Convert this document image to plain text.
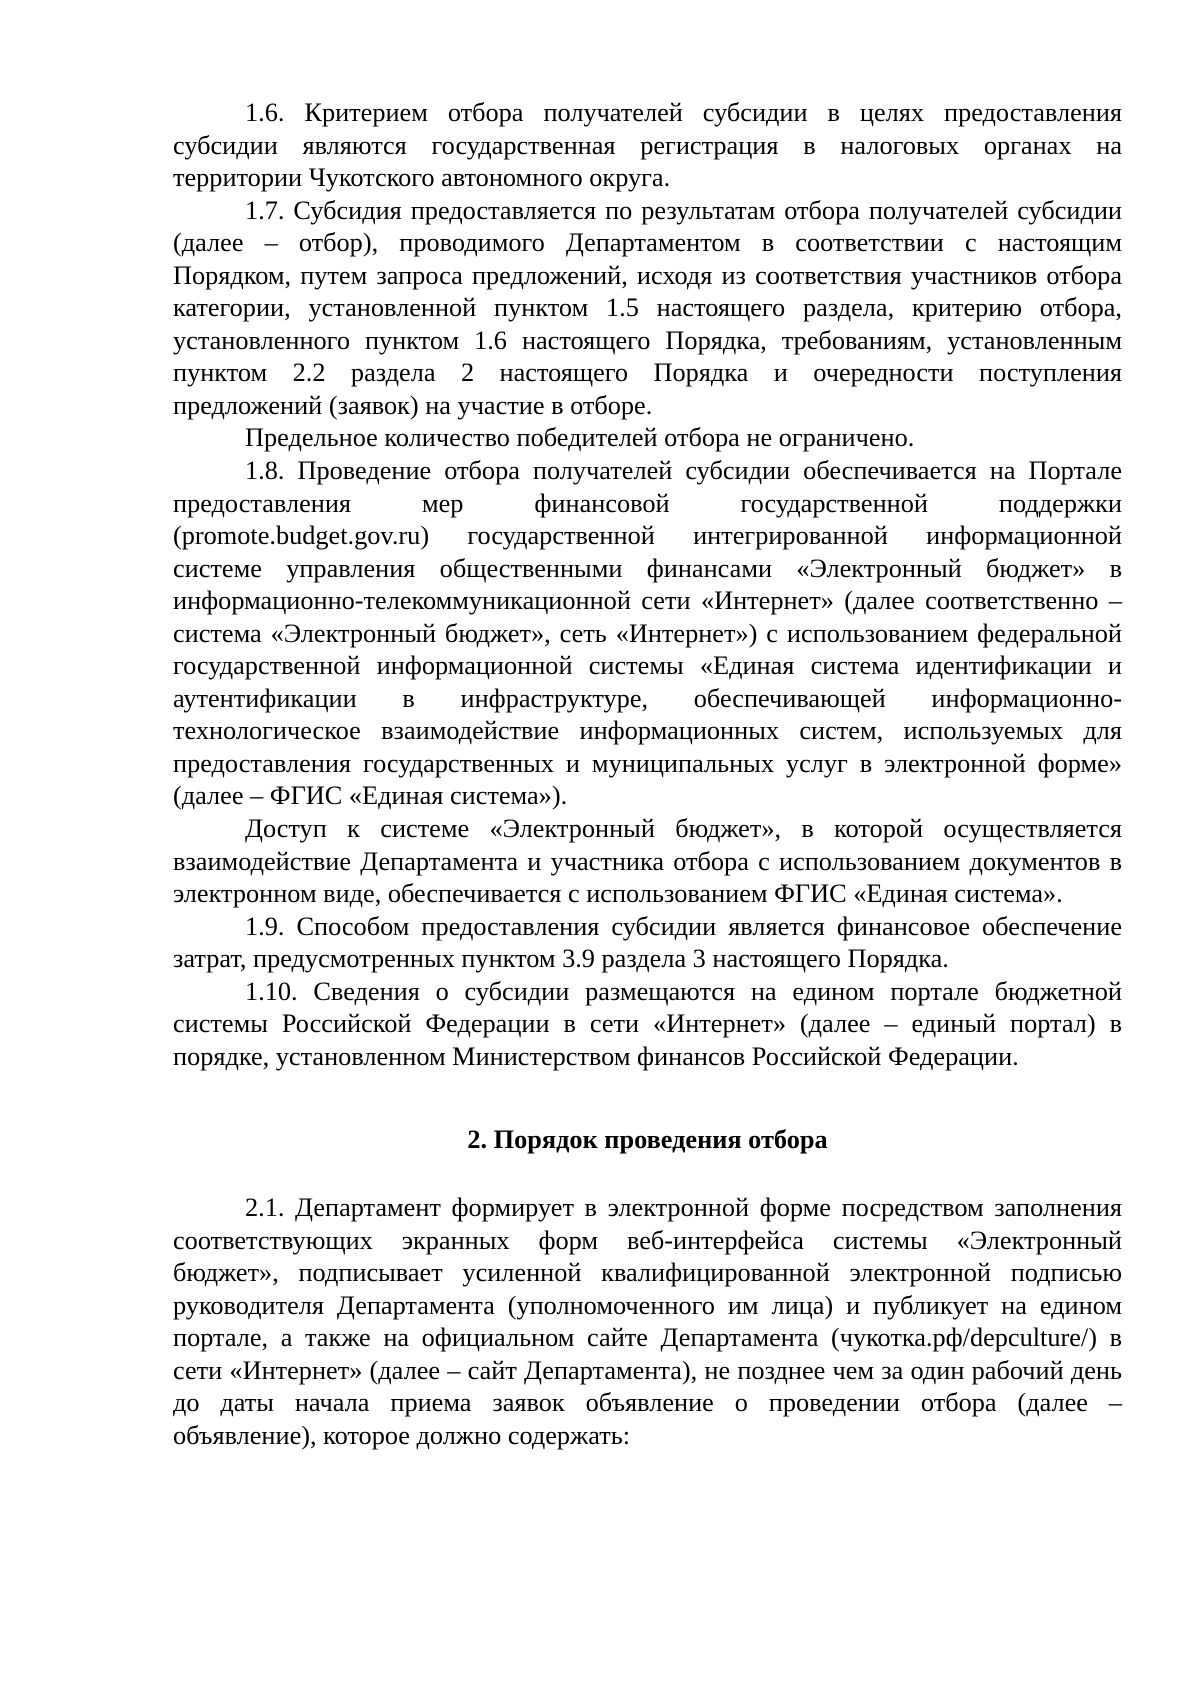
1.6. Критерием отбора получателей субсидии в целях предоставления субсидии являются государственная регистрация в налоговых органах на территории Чукотского автономного округа.

1.7. Субсидия предоставляется по результатам отбора получателей субсидии (далее – отбор), проводимого Департаментом в соответствии с настоящим Порядком, путем запроса предложений, исходя из соответствия участников отбора категории, установленной пунктом 1.5 настоящего раздела, критерию отбора, установленного пунктом 1.6 настоящего Порядка, требованиям, установленным пунктом 2.2 раздела 2 настоящего Порядка и очередности поступления предложений (заявок) на участие в отборе.

Предельное количество победителей отбора не ограничено.

1.8. Проведение отбора получателей субсидии обеспечивается на Портале предоставления мер финансовой государственной поддержки (promote.budget.gov.ru) государственной интегрированной информационной системе управления общественными финансами «Электронный бюджет» в информационно-телекоммуникационной сети «Интернет» (далее соответственно – система «Электронный бюджет», сеть «Интернет») с использованием федеральной государственной информационной системы «Единая система идентификации и аутентификации в инфраструктуре, обеспечивающей информационно-технологическое взаимодействие информационных систем, используемых для предоставления государственных и муниципальных услуг в электронной форме» (далее – ФГИС «Единая система»).

Доступ к системе «Электронный бюджет», в которой осуществляется взаимодействие Департамента и участника отбора с использованием документов в электронном виде, обеспечивается с использованием ФГИС «Единая система».

1.9. Способом предоставления субсидии является финансовое обеспечение затрат, предусмотренных пунктом 3.9 раздела 3 настоящего Порядка.

1.10. Сведения о субсидии размещаются на едином портале бюджетной системы Российской Федерации в сети «Интернет» (далее – единый портал) в порядке, установленном Министерством финансов Российской Федерации.

2. Порядок проведения отбора

2.1. Департамент формирует в электронной форме посредством заполнения соответствующих экранных форм веб-интерфейса системы «Электронный бюджет», подписывает усиленной квалифицированной электронной подписью руководителя Департамента (уполномоченного им лица) и публикует на едином портале, а также на официальном сайте Департамента (чукотка.рф/depculture/) в сети «Интернет» (далее – сайт Департамента), не позднее чем за один рабочий день до даты начала приема заявок объявление о проведении отбора (далее – объявление), которое должно содержать:
